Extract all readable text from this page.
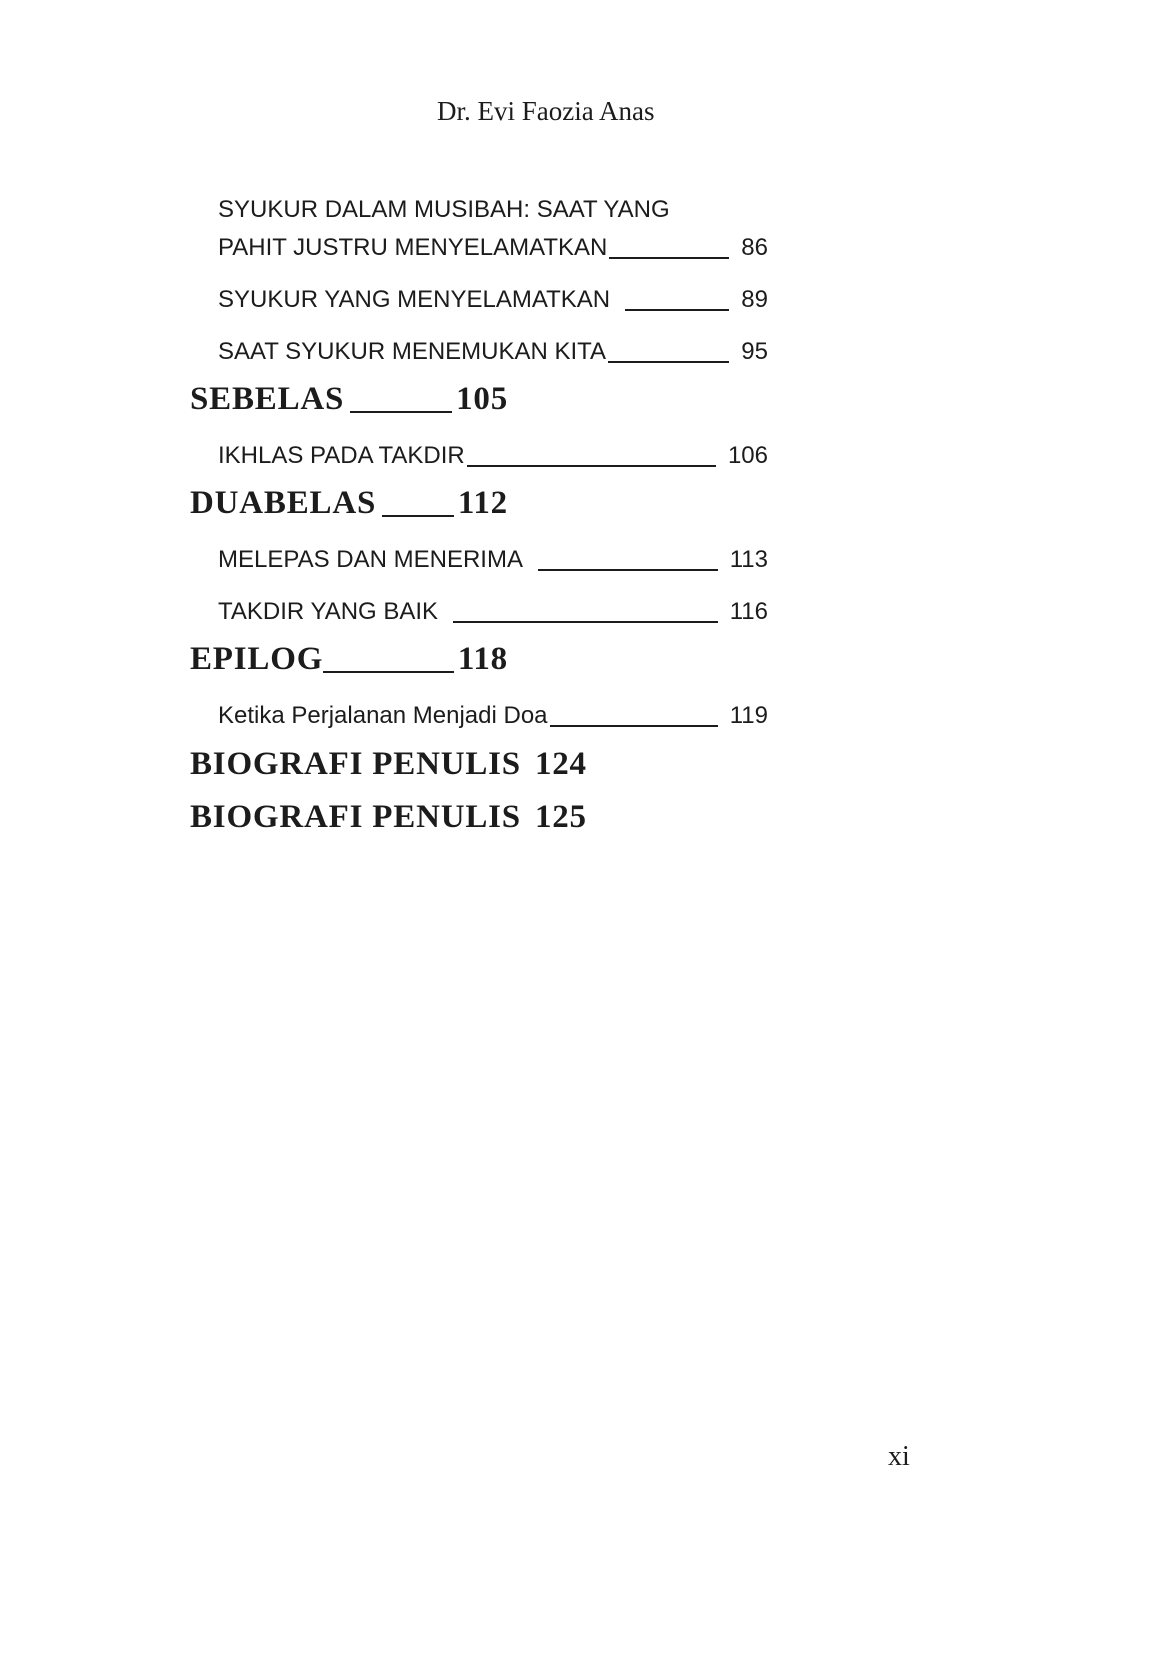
Dr. Evi Faozia Anas
SYUKUR DALAM MUSIBAH: SAAT YANG
PAHIT JUSTRU MENYELAMATKAN	86
SYUKUR YANG MENYELAMATKAN	89
SAAT SYUKUR MENEMUKAN KITA	95
SEBELAS	105
IKHLAS PADA TAKDIR	106
DUABELAS 112
MELEPAS DAN MENERIMA	113
TAKDIR YANG BAIK	116
EPILOG	118
Ketika Perjalanan Menjadi Doa	119
BIOGRAFI PENULIS 124
BIOGRAFI PENULIS 125
xi
